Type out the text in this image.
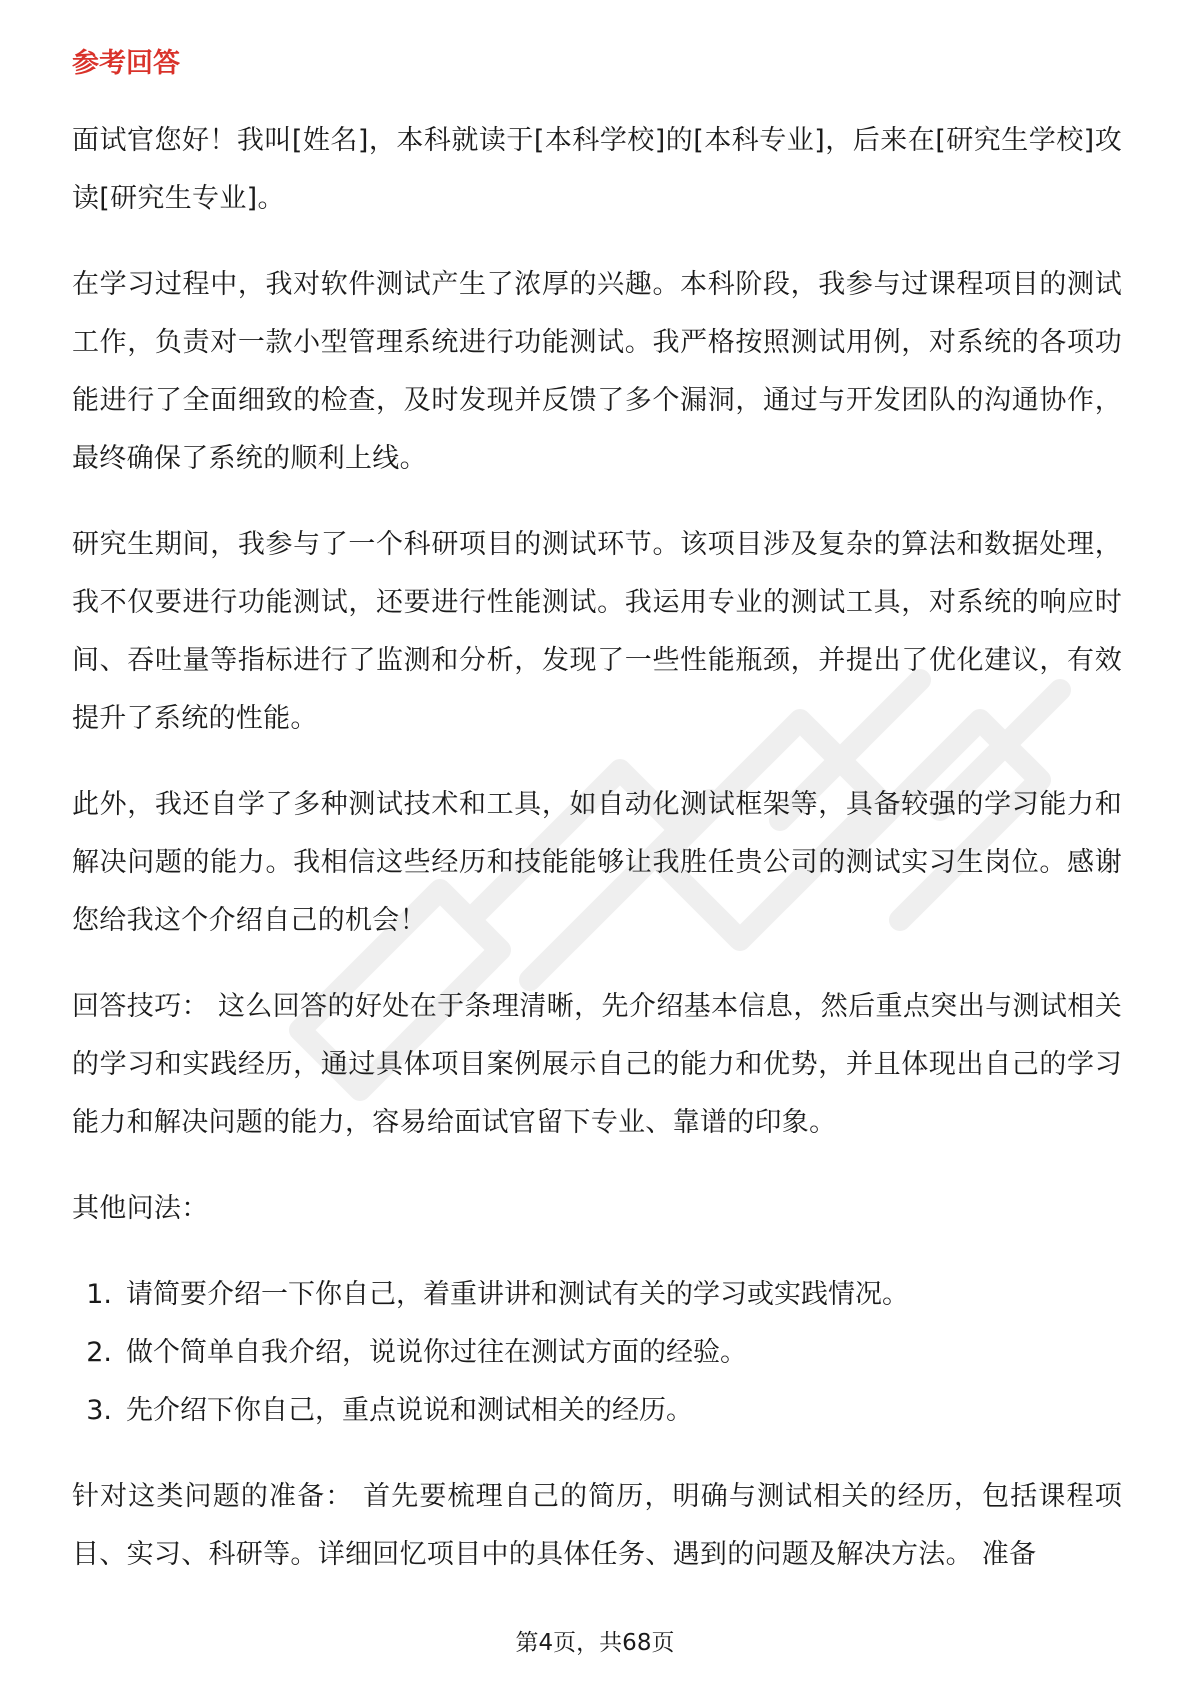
参考回答

面试官您好！我叫[姓名]，本科就读于[本科学校]的[本科专业]，后来在[研究生学校]攻读[研究生专业]。

在学习过程中，我对软件测试产生了浓厚的兴趣。本科阶段，我参与过课程项目的测试工作，负责对一款小型管理系统进行功能测试。我严格按照测试用例，对系统的各项功能进行了全面细致的检查，及时发现并反馈了多个漏洞，通过与开发团队的沟通协作，最终确保了系统的顺利上线。

研究生期间，我参与了一个科研项目的测试环节。该项目涉及复杂的算法和数据处理，我不仅要进行功能测试，还要进行性能测试。我运用专业的测试工具，对系统的响应时间、吞吐量等指标进行了监测和分析，发现了一些性能瓶颈，并提出了优化建议，有效提升了系统的性能。

此外，我还自学了多种测试技术和工具，如自动化测试框架等，具备较强的学习能力和解决问题的能力。我相信这些经历和技能能够让我胜任贵公司的测试实习生岗位。感谢您给我这个介绍自己的机会！

回答技巧： 这么回答的好处在于条理清晰，先介绍基本信息，然后重点突出与测试相关的学习和实践经历，通过具体项目案例展示自己的能力和优势，并且体现出自己的学习能力和解决问题的能力，容易给面试官留下专业、靠谱的印象。

其他问法：

1. 请简要介绍一下你自己，着重讲讲和测试有关的学习或实践情况。
2. 做个简单自我介绍，说说你过往在测试方面的经验。
3. 先介绍下你自己，重点说说和测试相关的经历。

针对这类问题的准备： 首先要梳理自己的简历，明确与测试相关的经历，包括课程项目、实习、科研等。详细回忆项目中的具体任务、遇到的问题及解决方法。 准备

第4页，共68页
